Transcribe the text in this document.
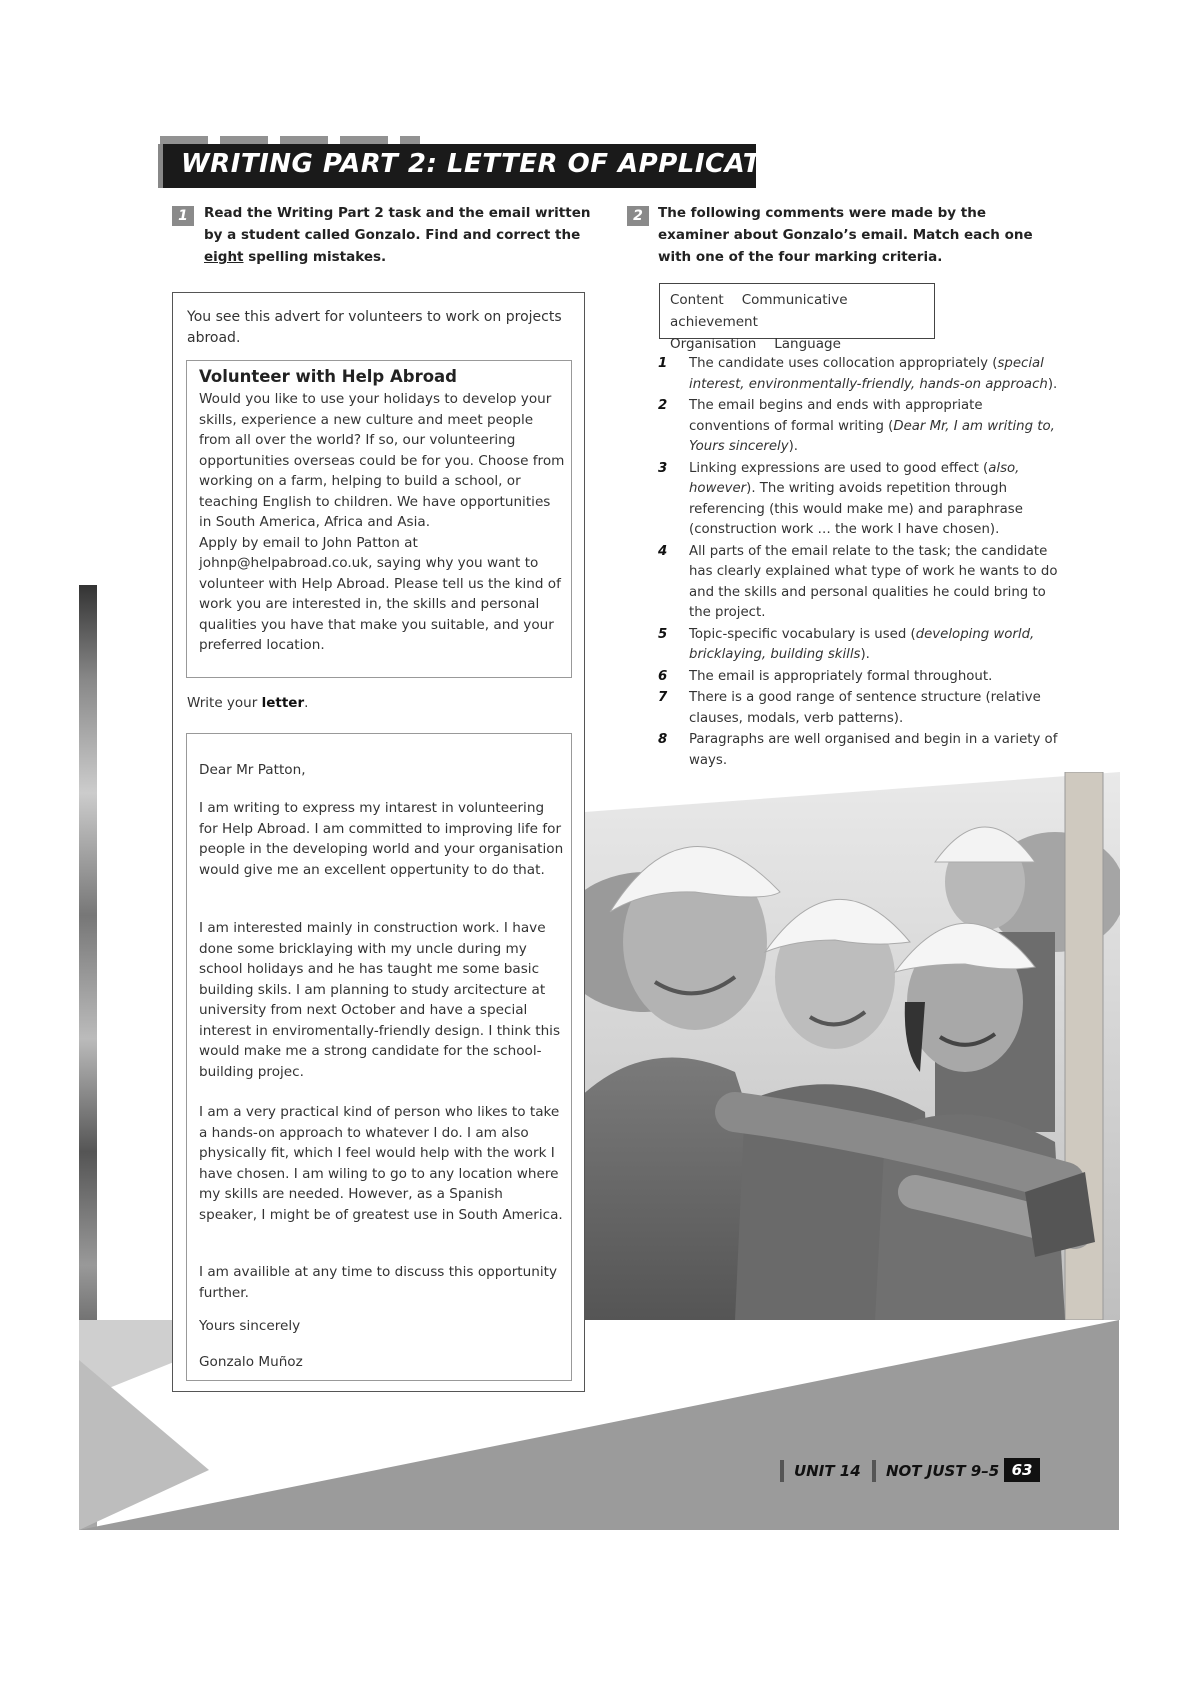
WRITING PART 2: LETTER OF APPLICATION
1	Read the Writing Part 2 task and the email written by a student called Gonzalo. Find and correct the eight spelling mistakes.
You see this advert for volunteers to work on projects abroad.
Volunteer with Help Abroad
Would you like to use your holidays to develop your skills, experience a new culture and meet people from all over the world? If so, our volunteering opportunities overseas could be for you. Choose from working on a farm, helping to build a school, or teaching English to children. We have opportunities in South America, Africa and Asia.
Apply by email to John Patton at johnp@helpabroad.co.uk, saying why you want to volunteer with Help Abroad. Please tell us the kind of work you are interested in, the skills and personal qualities you have that make you suitable, and your preferred location.
Write your letter.
Dear Mr Patton,
I am writing to express my intarest in volunteering for Help Abroad. I am committed to improving life for people in the developing world and your organisation would give me an excellent oppertunity to do that.
I am interested mainly in construction work. I have done some bricklaying with my uncle during my school holidays and he has taught me some basic building skils. I am planning to study arcitecture at university from next October and have a special interest in enviromentally-friendly design. I think this would make me a strong candidate for the school-building projec.
I am a very practical kind of person who likes to take a hands-on approach to whatever I do. I am also physically fit, which I feel would help with the work I have chosen. I am wiling to go to any location where my skills are needed. However, as a Spanish speaker, I might be of greatest use in South America.
I am availible at any time to discuss this opportunity further.
Yours sincerely
Gonzalo Muñoz
2	The following comments were made by the examiner about Gonzalo’s email. Match each one with one of the four marking criteria.
Content Communicative achievement
Organisation Language
1 The candidate uses collocation appropriately (special interest, environmentally-friendly, hands-on approach).
2 The email begins and ends with appropriate conventions of formal writing (Dear Mr, I am writing to, Yours sincerely).
3 Linking expressions are used to good effect (also, however). The writing avoids repetition through referencing (this would make me) and paraphrase (construction work … the work I have chosen).
4 All parts of the email relate to the task; the candidate has clearly explained what type of work he wants to do and the skills and personal qualities he could bring to the project.
5 Topic-specific vocabulary is used (developing world, bricklaying, building skills).
6 The email is appropriately formal throughout.
7 There is a good range of sentence structure (relative clauses, modals, verb patterns).
8 Paragraphs are well organised and begin in a variety of ways.
UNIT 14	NOT JUST 9–5 63
